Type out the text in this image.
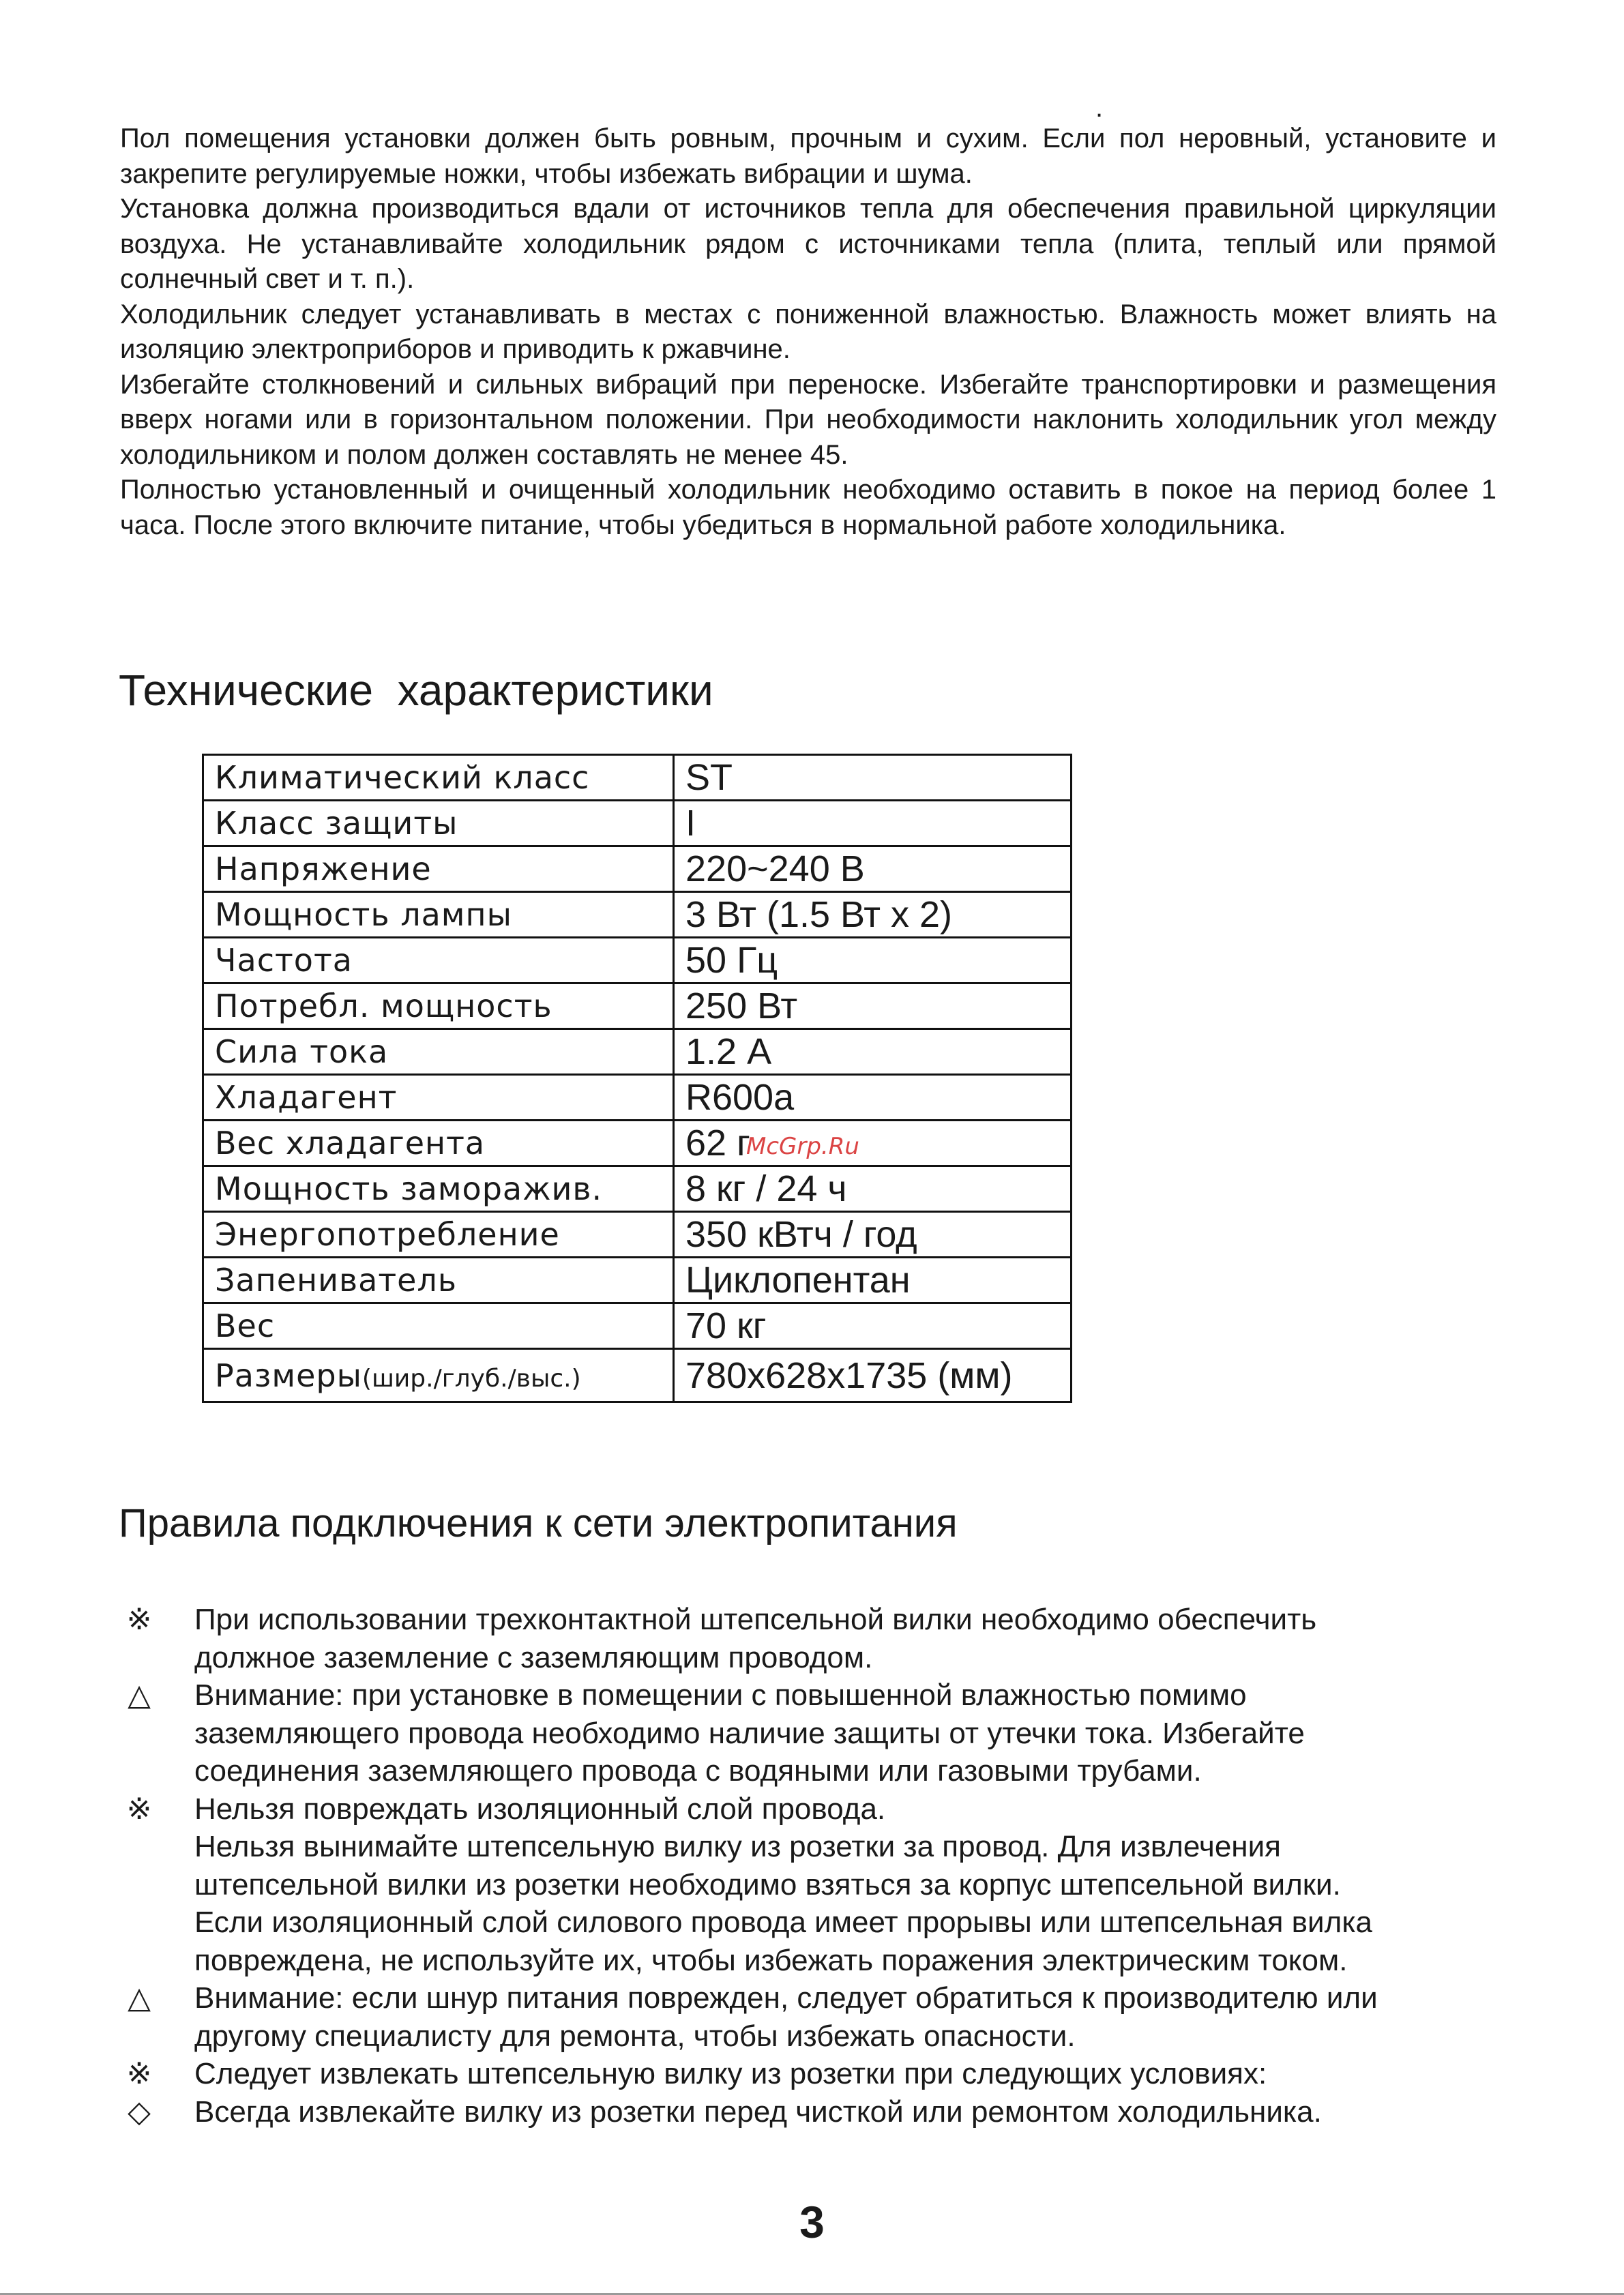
.

Пол помещения установки должен быть ровным, прочным и сухим. Если пол неровный, установите и закрепите регулируемые ножки, чтобы избежать вибрации и шума.

Установка должна производиться вдали от источников тепла для обеспечения правильной циркуляции воздуха. Не устанавливайте холодильник рядом с источниками тепла (плита, теплый или прямой солнечный свет и т. п.).

Холодильник следует устанавливать в местах с пониженной влажностью. Влажность может влиять на изоляцию электроприборов и приводить к ржавчине.

Избегайте столкновений и сильных вибраций при переноске. Избегайте транспортировки и размещения вверх ногами или в горизонтальном положении. При необходимости наклонить холодильник угол между холодильником и полом должен составлять не менее 45.

Полностью установленный и очищенный холодильник необходимо оставить в покое на период более 1 часа. После этого включите питание, чтобы убедиться в нормальной работе холодильника.

Технические  характеристики
Климатический класс	ST
Класс защиты	I
Напряжение	220~240 В
Мощность лампы	3 Вт (1.5 Вт х 2)
Частота	50 Гц
Потребл. мощность	250 Вт
Сила тока	1.2 А
Хладагент	R600a
Вес хладагента	62 г
Мощность заморажив.	8 кг / 24 ч
Энергопотребление	350 кВтч / год
Запениватель	Циклопентан
Вес	70 кг
Размеры(шир./глуб./выс.)	780x628x1735 (мм)
McGrp.Ru
Правила подключения к сети электропитания
※ При использовании трехконтактной штепсельной вилки необходимо обеспечить
должное заземление с заземляющим проводом.
△ Внимание: при установке в помещении с повышенной влажностью помимо
заземляющего провода необходимо наличие защиты от утечки тока. Избегайте
соединения заземляющего провода с водяными или газовыми трубами.
※ Нельзя повреждать изоляционный слой провода.
Нельзя вынимайте штепсельную вилку из розетки за провод. Для извлечения
штепсельной вилки из розетки необходимо взяться за корпус штепсельной вилки.
Если изоляционный слой силового провода имеет прорывы или штепсельная вилка
повреждена, не используйте их, чтобы избежать поражения электрическим током.
△ Внимание: если шнур питания поврежден, следует обратиться к производителю или
другому специалисту для ремонта, чтобы избежать опасности.
※ Следует извлекать штепсельную вилку из розетки при следующих условиях:
◇ Всегда извлекайте вилку из розетки перед чисткой или ремонтом холодильника.
3
